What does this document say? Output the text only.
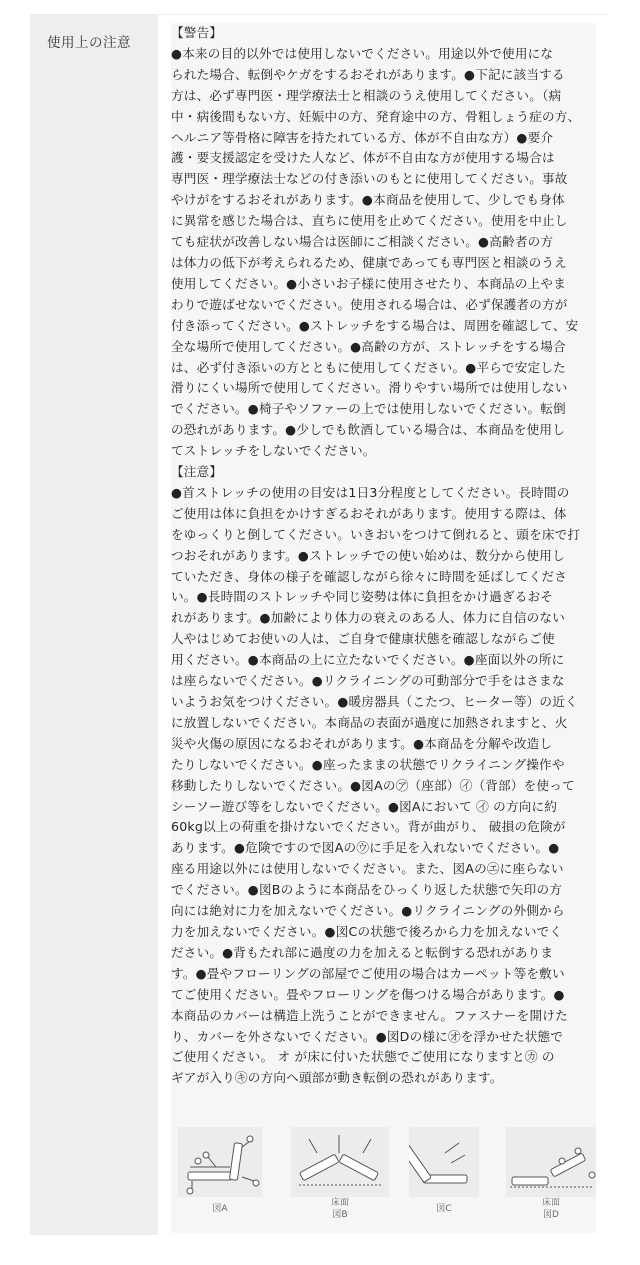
使用上の注意
【警告】
●本来の目的以外では使用しないでください。用途以外で使用にな
られた場合、転倒やケガをするおそれがあります。●下記に該当する
方は、必ず専門医・理学療法士と相談のうえ使用してください。（病
中・病後間もない方、妊娠中の方、発育途中の方、骨粗しょう症の方、
ヘルニア等骨格に障害を持たれている方、体が不自由な方）●要介
護・要支援認定を受けた人など、体が不自由な方が使用する場合は
専門医・理学療法士などの付き添いのもとに使用してください。事故
やけがをするおそれがあります。●本商品を使用して、少しでも身体
に異常を感じた場合は、直ちに使用を止めてください。使用を中止し
ても症状が改善しない場合は医師にご相談ください。●高齢者の方
は体力の低下が考えられるため、健康であっても専門医と相談のうえ
使用してください。●小さいお子様に使用させたり、本商品の上やま
わりで遊ばせないでください。使用される場合は、必ず保護者の方が
付き添ってください。●ストレッチをする場合は、周囲を確認して、安
全な場所で使用してください。●高齢の方が、ストレッチをする場合
は、必ず付き添いの方とともに使用してください。●平らで安定した
滑りにくい場所で使用してください。滑りやすい場所では使用しない
でください。●椅子やソファーの上では使用しないでください。転倒
の恐れがあります。●少しでも飲酒している場合は、本商品を使用し
てストレッチをしないでください。
【注意】
●首ストレッチの使用の目安は1日3分程度としてください。長時間の
ご使用は体に負担をかけすぎるおそれがあります。使用する際は、体
をゆっくりと倒してください。いきおいをつけて倒れると、頭を床で打
つおそれがあります。●ストレッチでの使い始めは、数分から使用し
ていただき、身体の様子を確認しながら徐々に時間を延ばしてくださ
い。●長時間のストレッチや同じ姿勢は体に負担をかけ過ぎるおそ
れがあります。●加齢により体力の衰えのある人、体力に自信のない
人やはじめてお使いの人は、ご自身で健康状態を確認しながらご使
用ください。●本商品の上に立たないでください。●座面以外の所に
は座らないでください。●リクライニングの可動部分で手をはさまな
いようお気をつけください。●暖房器具（こたつ、ヒーター等）の近く
に放置しないでください。本商品の表面が過度に加熱されますと、火
災や火傷の原因になるおそれがあります。●本商品を分解や改造し
たりしないでください。●座ったままの状態でリクライニング操作や
移動したりしないでください。●図Aの㋐（座部）㋑（背部）を使って
シーソー遊び等をしないでください。●図Aにおいて ㋑ の方向に約
60kg以上の荷重を掛けないでください。背が曲がり、 破損の危険が
あります。●危険ですので図Aの㋒に手足を入れないでください。●
座る用途以外には使用しないでください。また、図Aの㋓に座らない
でください。●図Bのように本商品をひっくり返した状態で矢印の方
向には絶対に力を加えないでください。●リクライニングの外側から
力を加えないでください。●図Cの状態で後ろから力を加えないでく
ださい。●背もたれ部に過度の力を加えると転倒する恐れがありま
す。●畳やフローリングの部屋でご使用の場合はカーペット等を敷い
てご使用ください。畳やフローリングを傷つける場合があります。●
本商品のカバーは構造上洗うことができません。ファスナーを開けた
り、カバーを外さないでください。●図Dの様に㋔を浮かせた状態で
ご使用ください。 オ が床に付いた状態でご使用になりますと㋕ の
ギアが入り㋖の方向へ頭部が動き転倒の恐れがあります。
図A
床面
図B
図C
床面
図D
